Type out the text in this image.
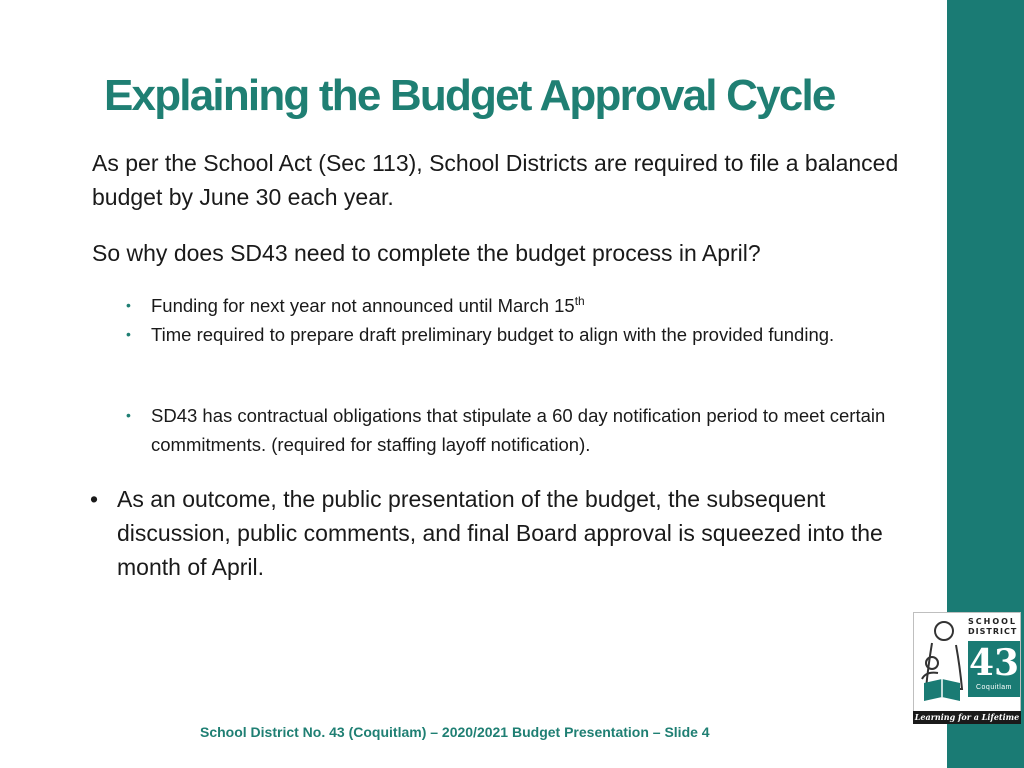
Explaining the Budget Approval Cycle

As per the School Act (Sec 113), School Districts are required to file a balanced budget by June 30 each year.

So why does SD43 need to complete the budget process in April?

• Funding for next year not announced until March 15th
• Time required to prepare draft preliminary budget to align with the provided funding.
• SD43 has contractual obligations that stipulate a 60 day notification period to meet certain commitments. (required for staffing layoff notification).
• As an outcome, the public presentation of the budget, the subsequent discussion, public comments, and final Board approval is squeezed into the month of April.
School District No. 43 (Coquitlam) – 2020/2021 Budget Presentation – Slide 4
SCHOOL
DISTRICT
43
Coquitlam
Learning for a Lifetime
